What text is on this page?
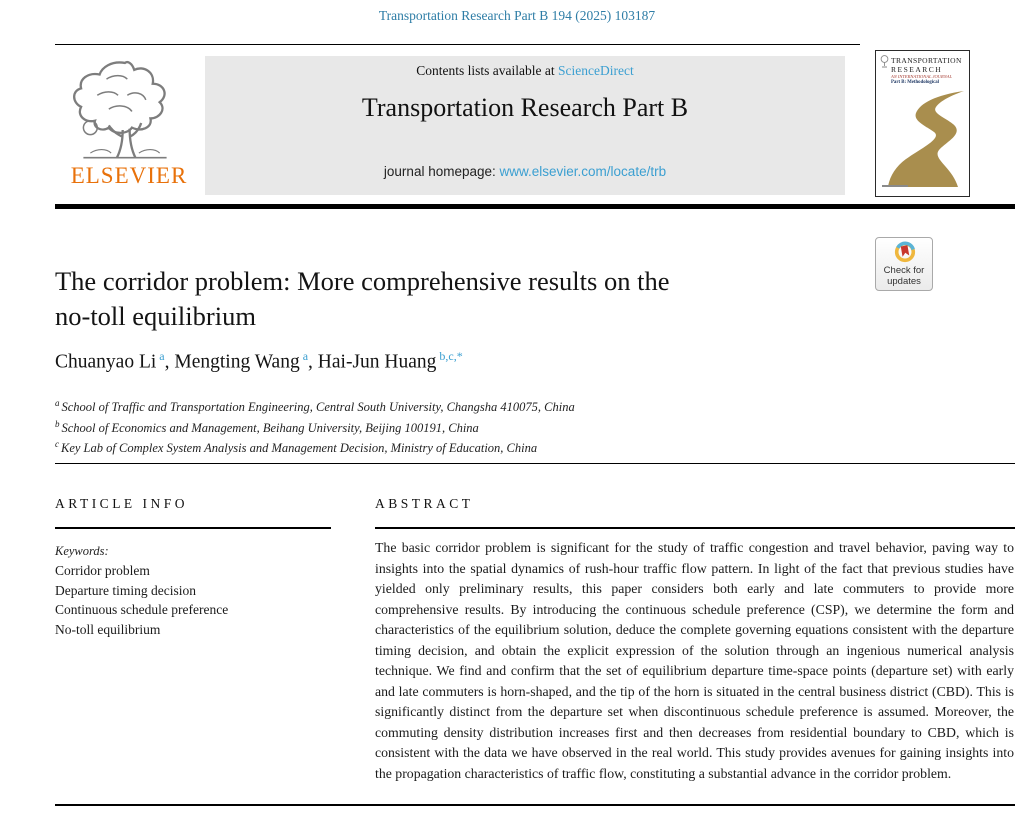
Transportation Research Part B 194 (2025) 103187
ELSEVIER
Contents lists available at ScienceDirect
Transportation Research Part B
journal homepage: www.elsevier.com/locate/trb
TRANSPORTATION
RESEARCH
AN INTERNATIONAL JOURNAL
Part B: Methodological
Check for
updates
The corridor problem: More comprehensive results on the
no-toll equilibrium
Chuanyao Li $^a$, Mengting Wang $^a$, Hai-Jun Huang $^{b,c,*}$
$^a$ School of Traffic and Transportation Engineering, Central South University, Changsha 410075, China
$^b$ School of Economics and Management, Beihang University, Beijing 100191, China
$^c$ Key Lab of Complex System Analysis and Management Decision, Ministry of Education, China
ARTICLE INFO
Keywords:
Corridor problem
Departure timing decision
Continuous schedule preference
No-toll equilibrium
ABSTRACT
The basic corridor problem is significant for the study of traffic congestion and travel behavior, paving way to insights into the spatial dynamics of rush-hour traffic flow pattern. In light of the fact that previous studies have yielded only preliminary results, this paper considers both early and late commuters to provide more comprehensive results. By introducing the continuous schedule preference (CSP), we determine the form and characteristics of the equilibrium solution, deduce the complete governing equations consistent with the departure timing decision, and obtain the explicit expression of the solution through an ingenious numerical analysis technique. We find and confirm that the set of equilibrium departure time-space points (departure set) with early and late commuters is horn-shaped, and the tip of the horn is situated in the central business district (CBD). This is significantly distinct from the departure set when discontinuous schedule preference is assumed. Moreover, the commuting density distribution increases first and then decreases from residential boundary to CBD, which is consistent with the data we have observed in the real world. This study provides avenues for gaining insights into the propagation characteristics of traffic flow, constituting a substantial advance in the corridor problem.
